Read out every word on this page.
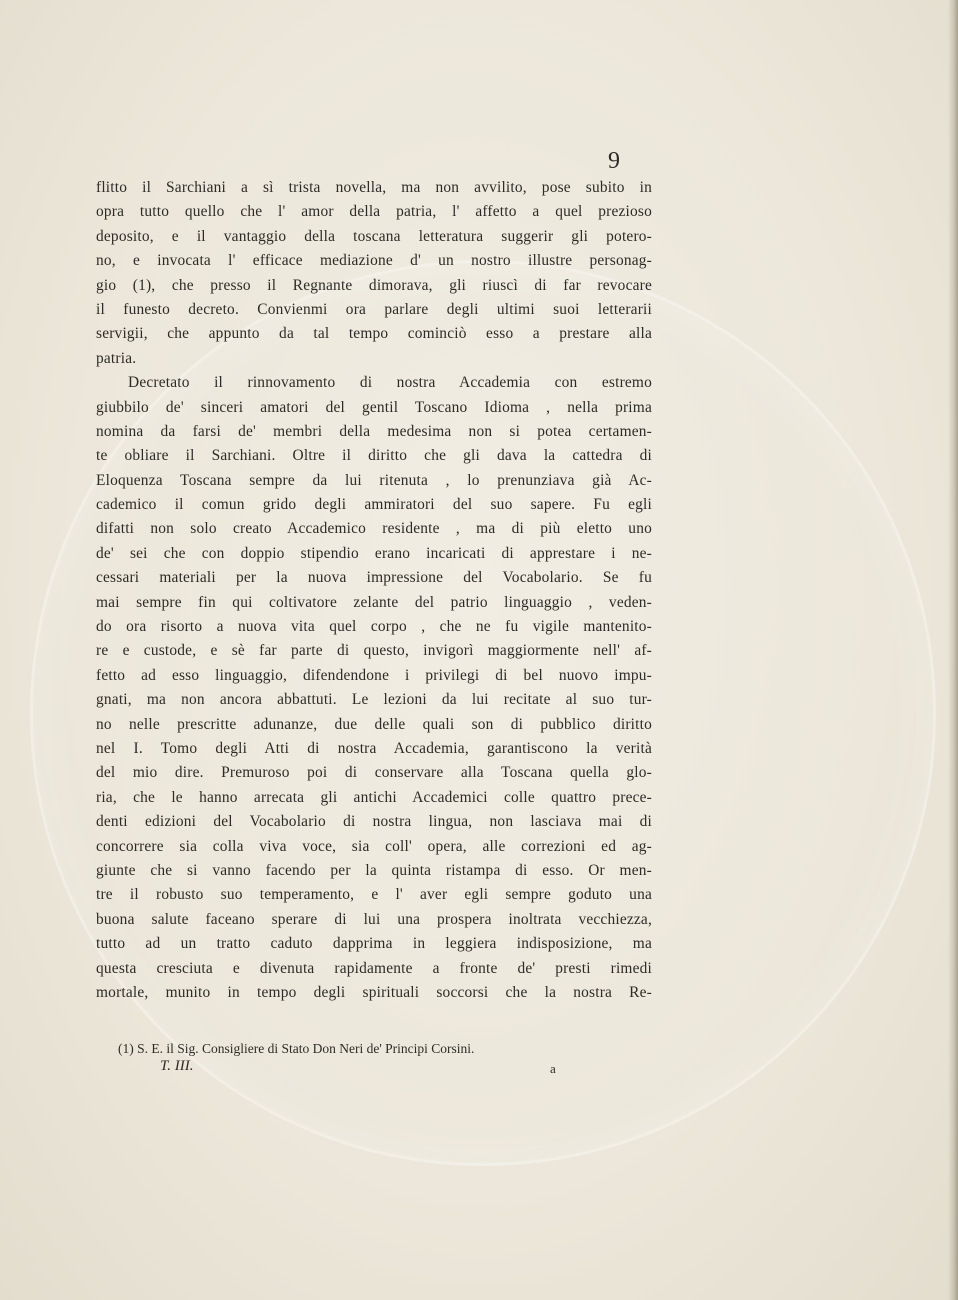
9
flitto il Sarchiani a sì trista novella, ma non avvilito, pose subito in
opra tutto quello che l' amor della patria, l' affetto a quel prezioso
deposito, e il vantaggio della toscana letteratura suggerir gli potero-
no, e invocata l' efficace mediazione d' un nostro illustre personag-
gio (1), che presso il Regnante dimorava, gli riuscì di far revocare
il funesto decreto. Convienmi ora parlare degli ultimi suoi letterarii
servigii, che appunto da tal tempo cominciò esso a prestare alla
patria.
Decretato il rinnovamento di nostra Accademia con estremo
giubbilo de' sinceri amatori del gentil Toscano Idioma , nella prima
nomina da farsi de' membri della medesima non si potea certamen-
te obliare il Sarchiani. Oltre il diritto che gli dava la cattedra di
Eloquenza Toscana sempre da lui ritenuta , lo prenunziava già Ac-
cademico il comun grido degli ammiratori del suo sapere. Fu egli
difatti non solo creato Accademico residente , ma di più eletto uno
de' sei che con doppio stipendio erano incaricati di apprestare i ne-
cessari materiali per la nuova impressione del Vocabolario. Se fu
mai sempre fin qui coltivatore zelante del patrio linguaggio , veden-
do ora risorto a nuova vita quel corpo , che ne fu vigile mantenito-
re e custode, e sè far parte di questo, invigorì maggiormente nell' af-
fetto ad esso linguaggio, difendendone i privilegi di bel nuovo impu-
gnati, ma non ancora abbattuti. Le lezioni da lui recitate al suo tur-
no nelle prescritte adunanze, due delle quali son di pubblico diritto
nel I. Tomo degli Atti di nostra Accademia, garantiscono la verità
del mio dire. Premuroso poi di conservare alla Toscana quella glo-
ria, che le hanno arrecata gli antichi Accademici colle quattro prece-
denti edizioni del Vocabolario di nostra lingua, non lasciava mai di
concorrere sia colla viva voce, sia coll' opera, alle correzioni ed ag-
giunte che si vanno facendo per la quinta ristampa di esso. Or men-
tre il robusto suo temperamento, e l' aver egli sempre goduto una
buona salute faceano sperare di lui una prospera inoltrata vecchiezza,
tutto ad un tratto caduto dapprima in leggiera indisposizione, ma
questa cresciuta e divenuta rapidamente a fronte de' presti rimedi
mortale, munito in tempo degli spirituali soccorsi che la nostra Re-
(1) S. E. il Sig. Consigliere di Stato Don Neri de' Principi Corsini.
T. III.	a
